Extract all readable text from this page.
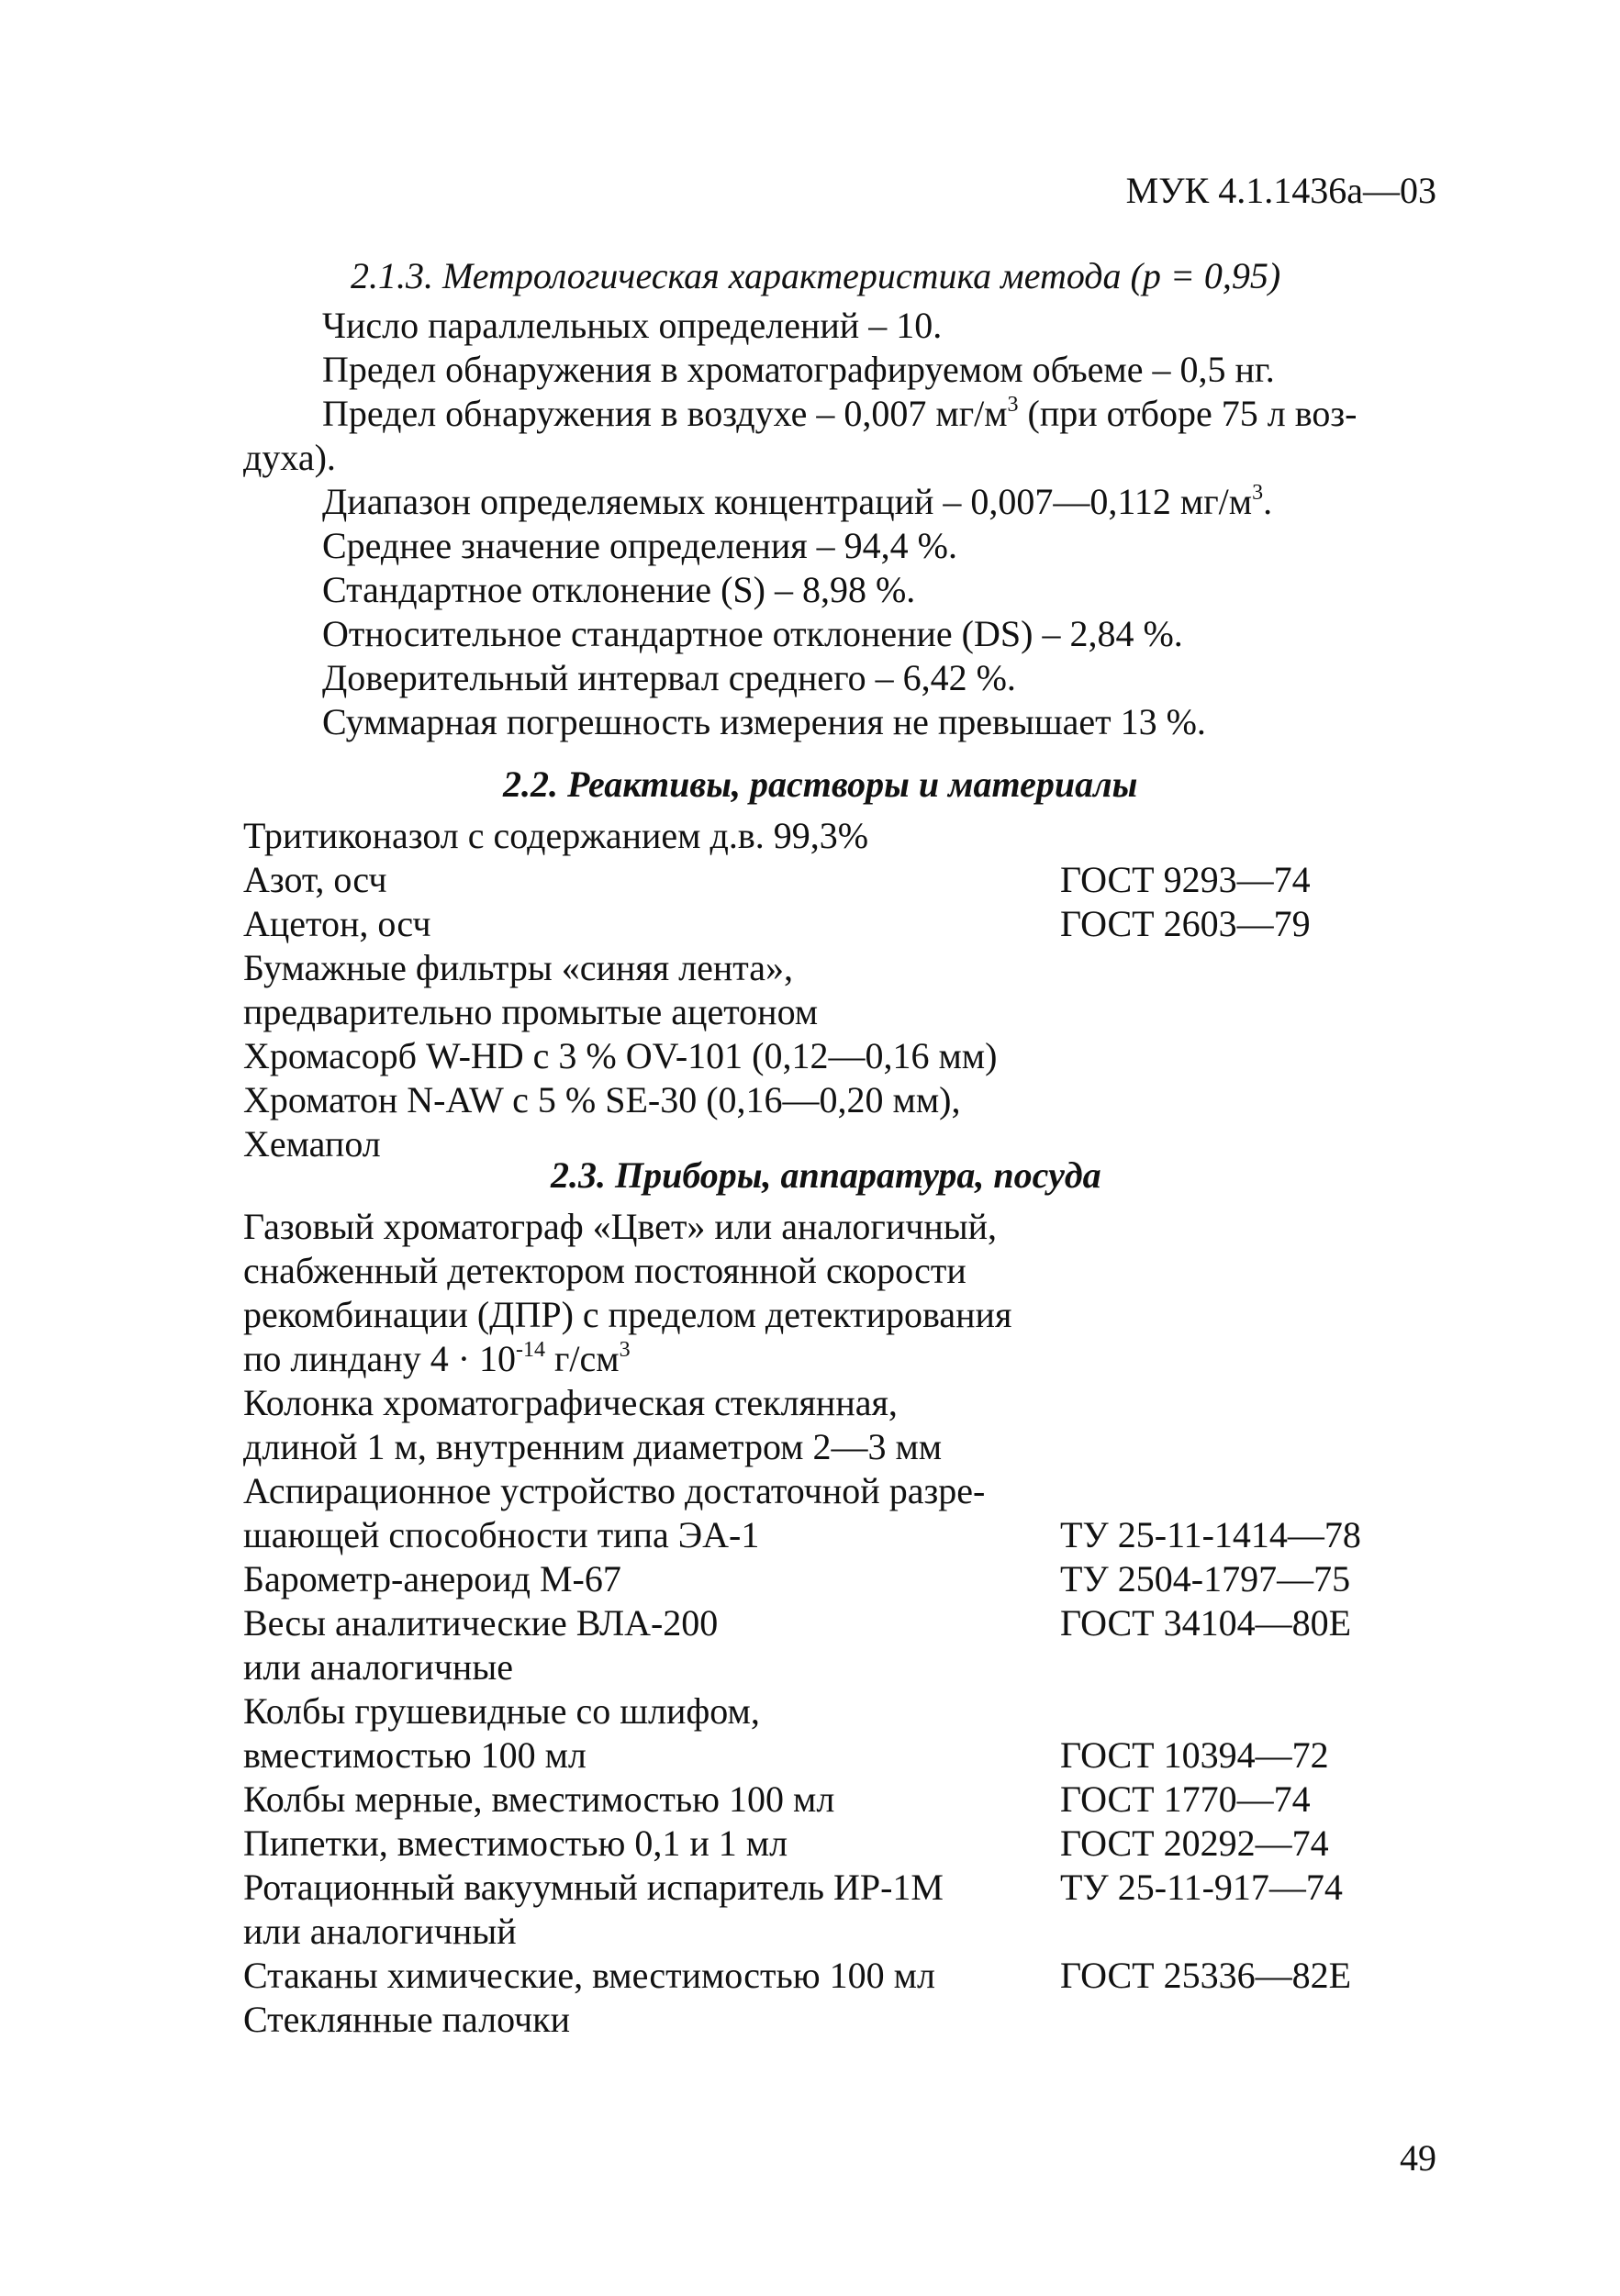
МУК 4.1.1436а—03
2.1.3. Метрологическая характеристика метода (p = 0,95)
Число параллельных определений – 10.
Предел обнаружения в хроматографируемом объеме – 0,5 нг.
Предел обнаружения в воздухе – 0,007 $мг/м^3$ (при отборе 75 л воз-
духа).
Диапазон определяемых концентраций – 0,007—0,112 $мг/м^3$.
Среднее значение определения – 94,4 %.
Стандартное отклонение (S) – 8,98 %.
Относительное стандартное отклонение (DS) – 2,84 %.
Доверительный интервал среднего – 6,42 %.
Суммарная погрешность измерения не превышает 13 %.
2.2. Реактивы, растворы и материалы
Тритиконазол с содержанием д.в. 99,3%
Азот, осч	ГОСТ 9293—74
Ацетон, осч	ГОСТ 2603—79
Бумажные фильтры «синяя лента»,
предварительно промытые ацетоном
Хромасорб W-HD с 3 % OV-101 (0,12—0,16 мм)
Хроматон N-AW с 5 % SE-30 (0,16—0,20 мм),
Хемапол
2.3. Приборы, аппаратура, посуда
Газовый хроматограф «Цвет» или аналогичный,
снабженный детектором постоянной скорости
рекомбинации (ДПР) с пределом детектирования
по линдану $4 \cdot 10^{-14}$ $г/см^3$
Колонка хроматографическая стеклянная,
длиной 1 м, внутренним диаметром 2—3 мм
Аспирационное устройство достаточной разре-
шающей способности типа ЭА-1	ТУ 25-11-1414—78
Барометр-анероид М-67	ТУ 2504-1797—75
Весы аналитические ВЛА-200	ГОСТ 34104—80Е
или аналогичные
Колбы грушевидные со шлифом,
вместимостью 100 мл	ГОСТ 10394—72
Колбы мерные, вместимостью 100 мл	ГОСТ 1770—74
Пипетки, вместимостью 0,1 и 1 мл	ГОСТ 20292—74
Ротационный вакуумный испаритель ИР-1М	ТУ 25-11-917—74
или аналогичный
Стаканы химические, вместимостью 100 мл	ГОСТ 25336—82Е
Стеклянные палочки
49
